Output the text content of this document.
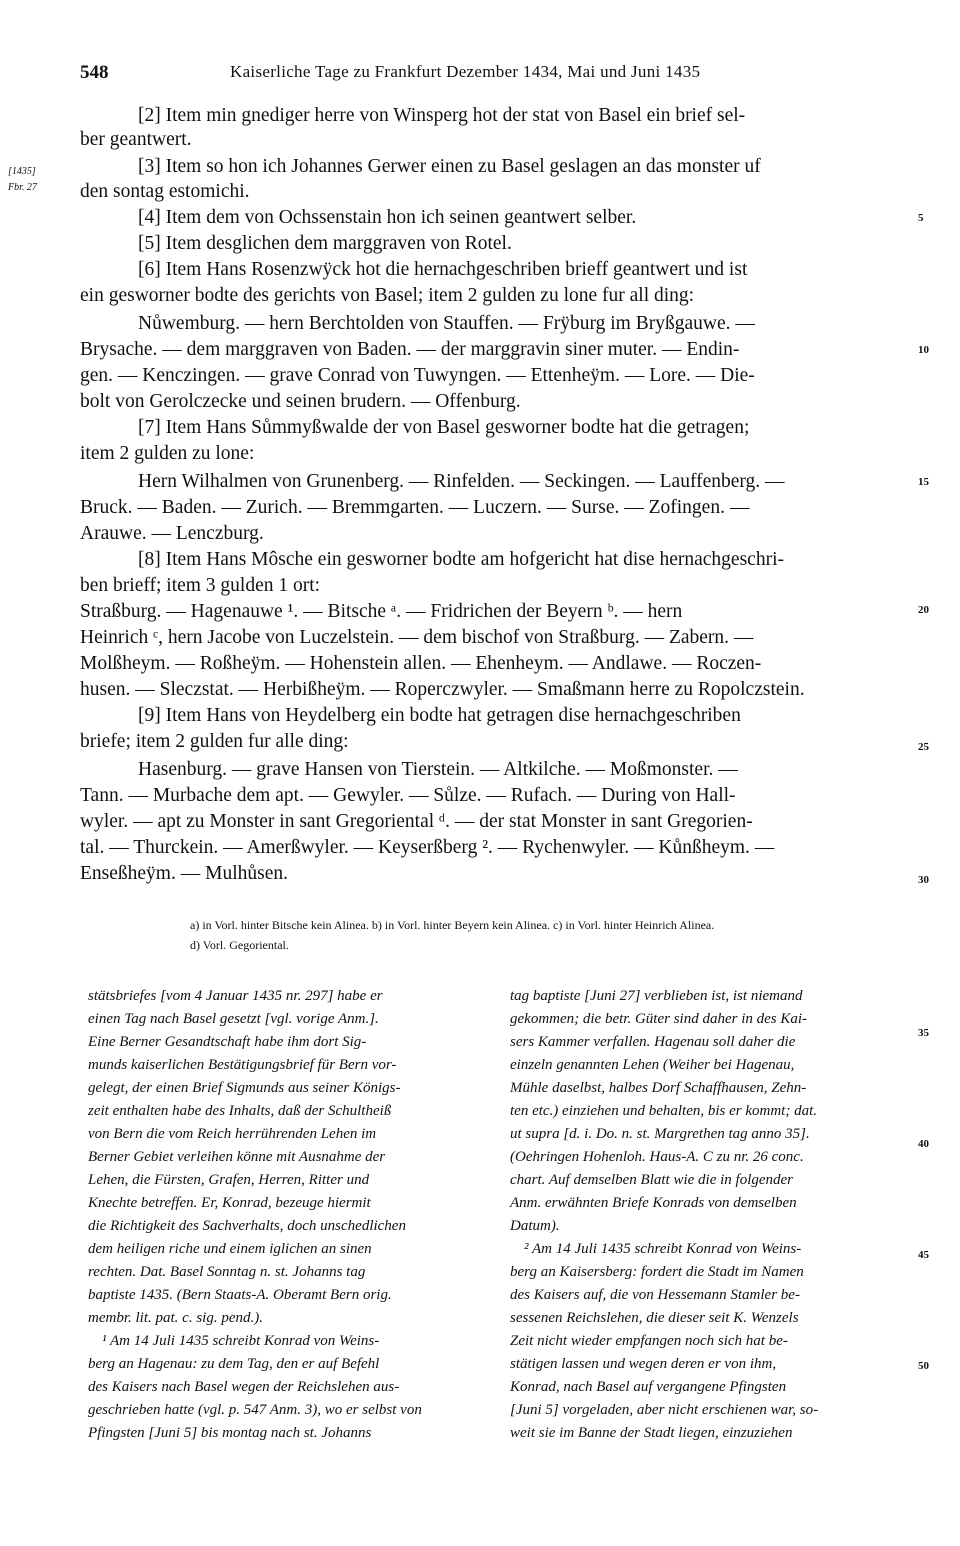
548	Kaiserliche Tage zu Frankfurt Dezember 1434, Mai und Juni 1435
[1435]
Fbr. 27
[2] Item min gnediger herre von Winsperg hot der stat von Basel ein brief sel-
ber geantwert.
[3] Item so hon ich Johannes Gerwer einen zu Basel geslagen an das monster uf
den sontag estomichi.
[4] Item dem von Ochssenstain hon ich seinen geantwert selber.
[5] Item desglichen dem marggraven von Rotel.
[6] Item Hans Rosenzwÿck hot die hernachgeschriben brieff geantwert und ist
ein gesworner bodte des gerichts von Basel; item 2 gulden zu lone fur all ding:
Nůwemburg. — hern Berchtolden von Stauffen. — Frÿburg im Bryßgauwe. —
Brysache. — dem marggraven von Baden. — der marggravin siner muter. — Endin-
gen. — Kenczingen. — grave Conrad von Tuwyngen. — Ettenheÿm. — Lore. — Die-
bolt von Gerolczecke und seinen brudern. — Offenburg.
[7] Item Hans Sůmmyßwalde der von Basel gesworner bodte hat die getragen;
item 2 gulden zu lone:
Hern Wilhalmen von Grunenberg. — Rinfelden. — Seckingen. — Lauffenberg. —
Bruck. — Baden. — Zurich. — Bremmgarten. — Luczern. — Surse. — Zofingen. —
Arauwe. — Lenczburg.
[8] Item Hans Môsche ein gesworner bodte am hofgericht hat dise hernachgeschri-
ben brieff; item 3 gulden 1 ort:
Straßburg. — Hagenauwe ¹. — Bitsche ᵃ. — Fridrichen der Beyern ᵇ. — hern
Heinrich ᶜ, hern Jacobe von Luczelstein. — dem bischof von Straßburg. — Zabern. —
Molßheym. — Roßheÿm. — Hohenstein allen. — Ehenheym. — Andlawe. — Roczen-
husen. — Sleczstat. — Herbißheÿm. — Roperczwyler. — Smaßmann herre zu Ropolczstein.
[9] Item Hans von Heydelberg ein bodte hat getragen dise hernachgeschriben
briefe; item 2 gulden fur alle ding:
Hasenburg. — grave Hansen von Tierstein. — Altkilche. — Moßmonster. —
Tann. — Murbache dem apt. — Gewyler. — Sůlze. — Rufach. — During von Hall-
wyler. — apt zu Monster in sant Gregoriental ᵈ. — der stat Monster in sant Gregorien-
tal. — Thurckein. — Amerßwyler. — Keyserßberg ². — Rychenwyler. — Kůnßheym. —
Enseßheÿm. — Mulhůsen.
5
10
15
20
25
30
a) in Vorl. hinter Bitsche kein Alinea. b) in Vorl. hinter Beyern kein Alinea. c) in Vorl. hinter Heinrich Alinea.
d) Vorl. Gegoriental.
stätsbriefes [vom 4 Januar 1435 nr. 297] habe er
einen Tag nach Basel gesetzt [vgl. vorige Anm.].
Eine Berner Gesandtschaft habe ihm dort Sig-
munds kaiserlichen Bestätigungsbrief für Bern vor-
gelegt, der einen Brief Sigmunds aus seiner Königs-
zeit enthalten habe des Inhalts, daß der Schultheiß
von Bern die vom Reich herrührenden Lehen im
Berner Gebiet verleihen könne mit Ausnahme der
Lehen, die Fürsten, Grafen, Herren, Ritter und
Knechte betreffen. Er, Konrad, bezeuge hiermit
die Richtigkeit des Sachverhalts, doch unschedlichen
dem heiligen riche und einem iglichen an sinen
rechten. Dat. Basel Sonntag n. st. Johanns tag
baptiste 1435. (Bern Staats-A. Oberamt Bern orig.
membr. lit. pat. c. sig. pend.).
¹ Am 14 Juli 1435 schreibt Konrad von Weins-
berg an Hagenau: zu dem Tag, den er auf Befehl
des Kaisers nach Basel wegen der Reichslehen aus-
geschrieben hatte (vgl. p. 547 Anm. 3), wo er selbst von
Pfingsten [Juni 5] bis montag nach st. Johanns
tag baptiste [Juni 27] verblieben ist, ist niemand
gekommen; die betr. Güter sind daher in des Kai-
sers Kammer verfallen. Hagenau soll daher die
einzeln genannten Lehen (Weiher bei Hagenau,
Mühle daselbst, halbes Dorf Schaffhausen, Zehn-
ten etc.) einziehen und behalten, bis er kommt; dat.
ut supra [d. i. Do. n. st. Margrethen tag anno 35].
(Oehringen Hohenloh. Haus-A. C zu nr. 26 conc.
chart. Auf demselben Blatt wie die in folgender
Anm. erwähnten Briefe Konrads von demselben
Datum).
² Am 14 Juli 1435 schreibt Konrad von Weins-
berg an Kaisersberg: fordert die Stadt im Namen
des Kaisers auf, die von Hessemann Stamler be-
sessenen Reichslehen, die dieser seit K. Wenzels
Zeit nicht wieder empfangen noch sich hat be-
stätigen lassen und wegen deren er von ihm,
Konrad, nach Basel auf vergangene Pfingsten
[Juni 5] vorgeladen, aber nicht erschienen war, so-
weit sie im Banne der Stadt liegen, einzuziehen
35
40
45
50
